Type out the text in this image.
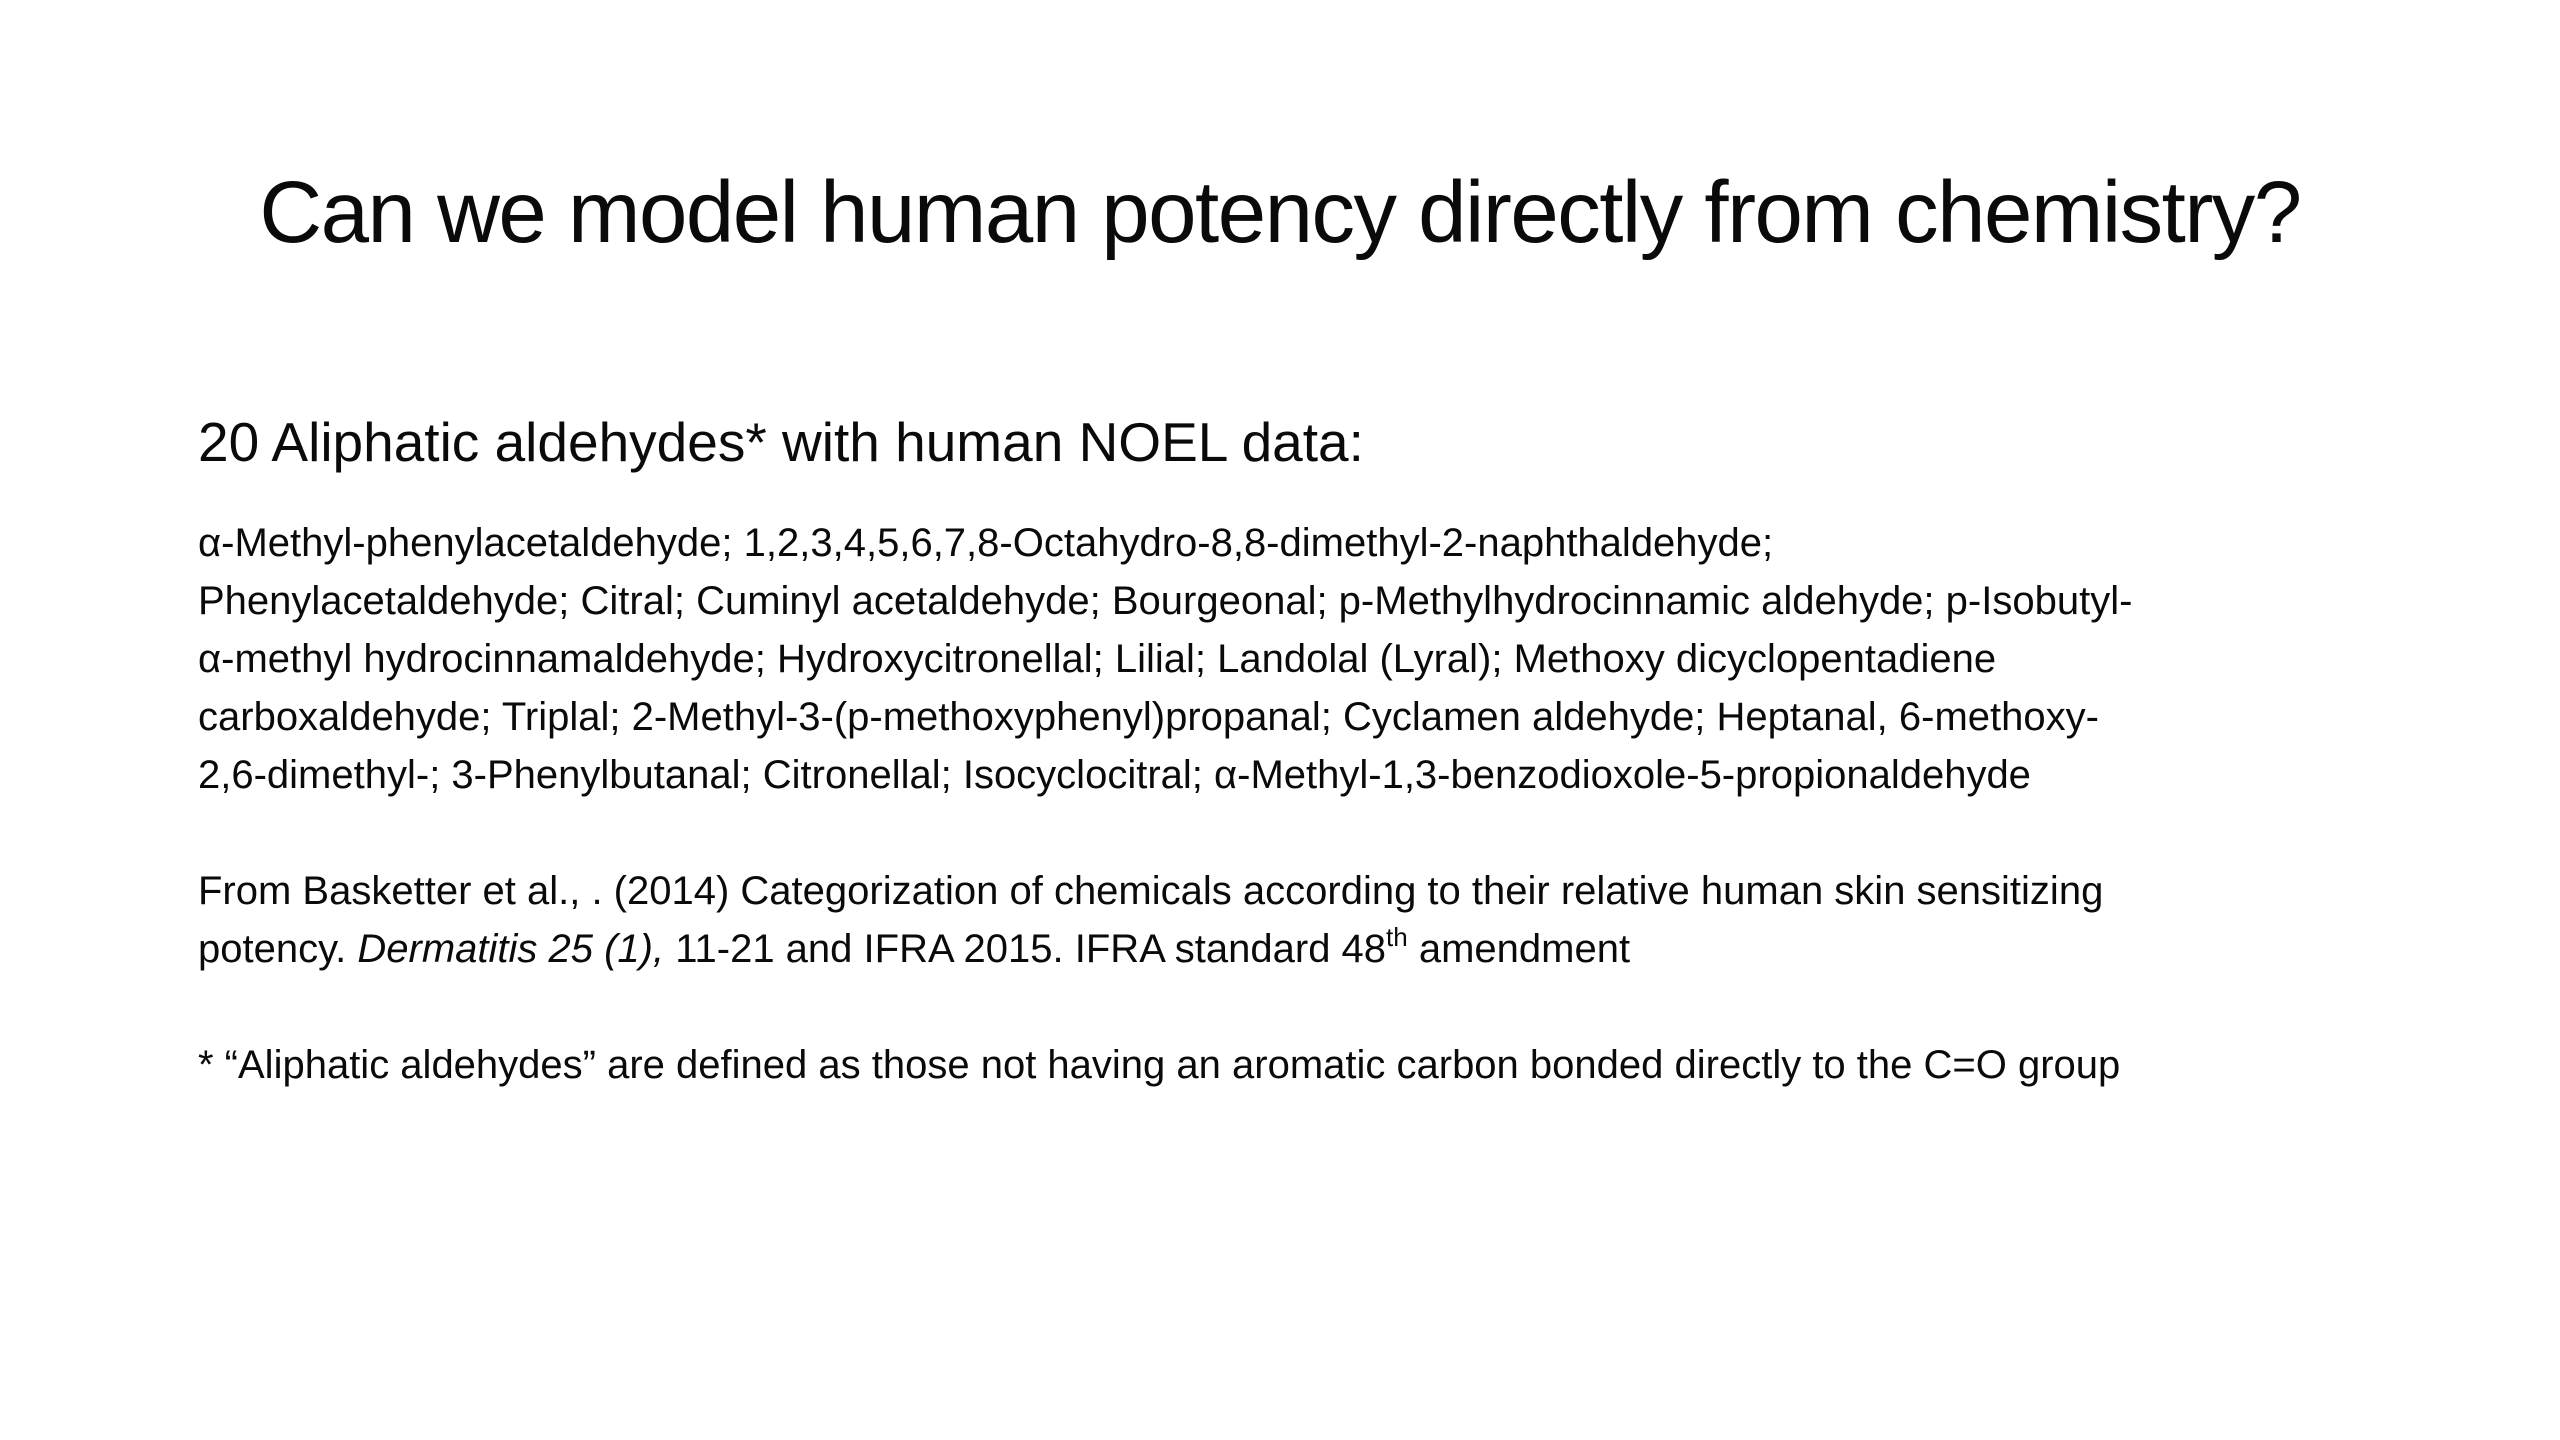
Can we model human potency directly from chemistry?

20 Aliphatic aldehydes* with human NOEL data:

α-Methyl-phenylacetaldehyde; 1,2,3,4,5,6,7,8-Octahydro-8,8-dimethyl-2-naphthaldehyde;
Phenylacetaldehyde; Citral; Cuminyl acetaldehyde; Bourgeonal; p-Methylhydrocinnamic aldehyde; p-Isobutyl-
α-methyl hydrocinnamaldehyde; Hydroxycitronellal; Lilial; Landolal (Lyral); Methoxy dicyclopentadiene
carboxaldehyde; Triplal; 2-Methyl-3-(p-methoxyphenyl)propanal; Cyclamen aldehyde; Heptanal, 6-methoxy-
2,6-dimethyl-; 3-Phenylbutanal; Citronellal; Isocyclocitral; α-Methyl-1,3-benzodioxole-5-propionaldehyde

From Basketter et al., . (2014) Categorization of chemicals according to their relative human skin sensitizing
potency. Dermatitis 25 (1), 11-21 and IFRA 2015. IFRA standard 48th amendment

* “Aliphatic aldehydes” are defined as those not having an aromatic carbon bonded directly to the C=O group
